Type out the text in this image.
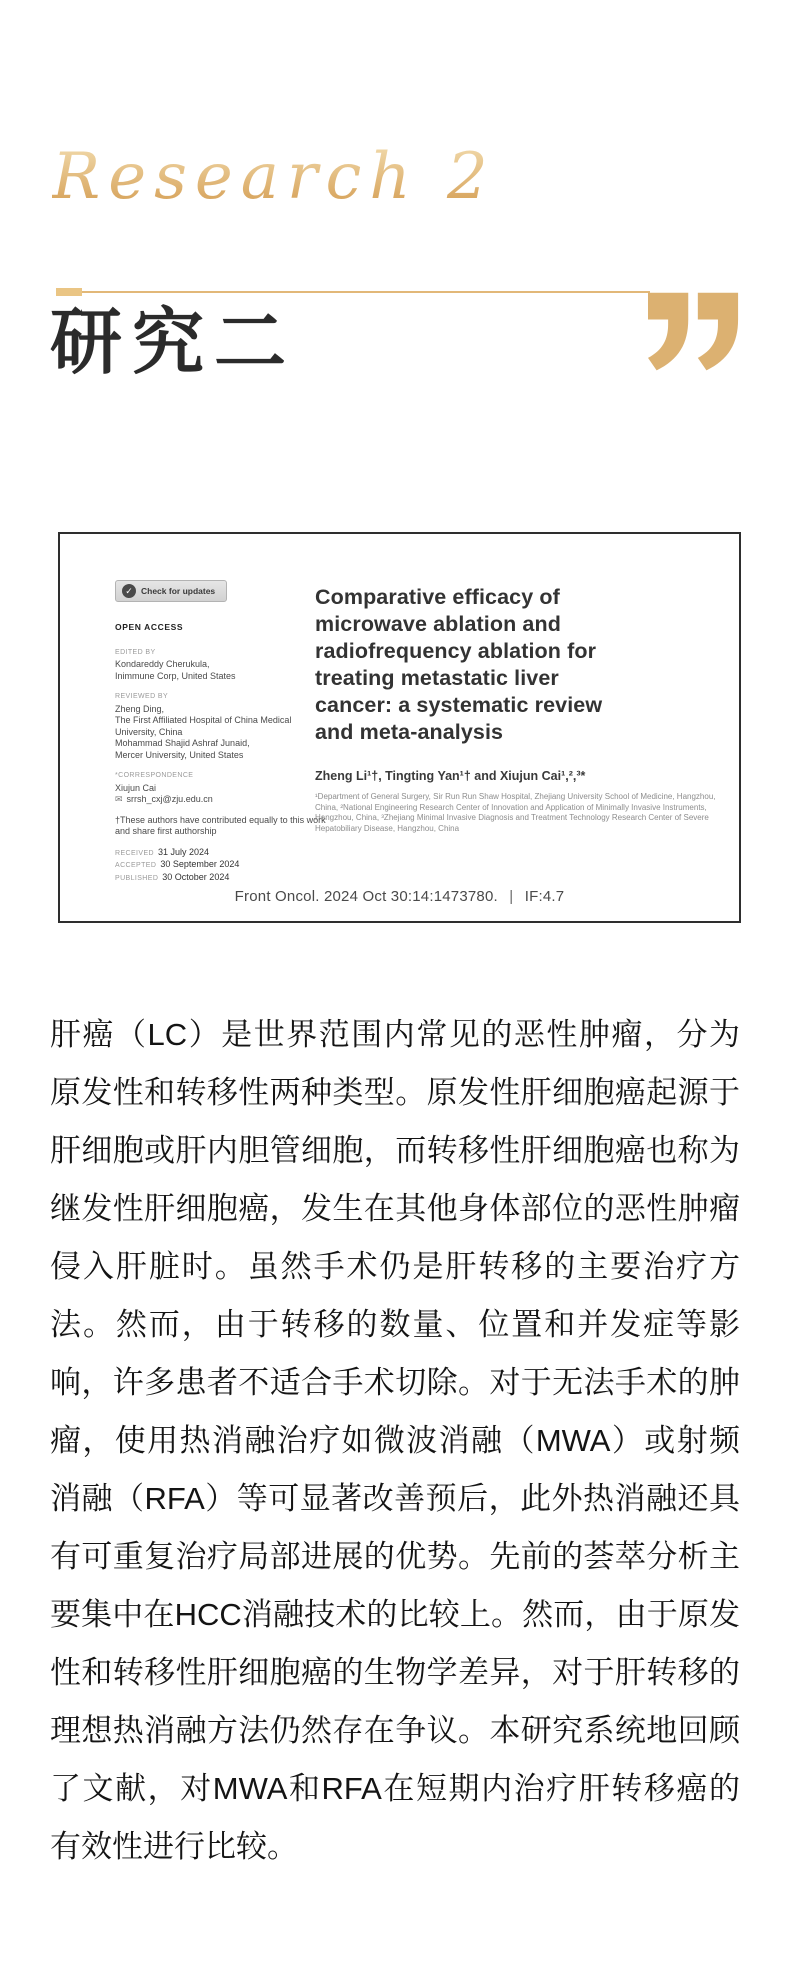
Research 2
研究二
✓ Check for updates
OPEN ACCESS
EDITED BY
Kondareddy Cherukula,
Inimmune Corp, United States
REVIEWED BY
Zheng Ding,
The First Affiliated Hospital of China Medical University, China
Mohammad Shajid Ashraf Junaid,
Mercer University, United States
*CORRESPONDENCE
Xiujun Cai
✉ srrsh_cxj@zju.edu.cn
†These authors have contributed equally to this work and share first authorship
RECEIVED 31 July 2024
ACCEPTED 30 September 2024
PUBLISHED 30 October 2024
Comparative efficacy of microwave ablation and radiofrequency ablation for treating metastatic liver cancer: a systematic review and meta-analysis
Zheng Li¹†, Tingting Yan¹† and Xiujun Cai¹,²,³*
¹Department of General Surgery, Sir Run Run Shaw Hospital, Zhejiang University School of Medicine, Hangzhou, China, ²National Engineering Research Center of Innovation and Application of Minimally Invasive Instruments, Hangzhou, China, ³Zhejiang Minimal Invasive Diagnosis and Treatment Technology Research Center of Severe Hepatobiliary Disease, Hangzhou, China
Front Oncol. 2024 Oct 30:14:1473780. | IF:4.7

肝癌（LC）是世界范围内常见的恶性肿瘤，分为原发性和转移性两种类型。原发性肝细胞癌起源于肝细胞或肝内胆管细胞，而转移性肝细胞癌也称为继发性肝细胞癌，发生在其他身体部位的恶性肿瘤侵入肝脏时。虽然手术仍是肝转移的主要治疗方法。然而，由于转移的数量、位置和并发症等影响，许多患者不适合手术切除。对于无法手术的肿瘤，使用热消融治疗如微波消融（MWA）或射频消融（RFA）等可显著改善预后，此外热消融还具有可重复治疗局部进展的优势。先前的荟萃分析主要集中在HCC消融技术的比较上。然而，由于原发性和转移性肝细胞癌的生物学差异，对于肝转移的理想热消融方法仍然存在争议。本研究系统地回顾了文献，对MWA和RFA在短期内治疗肝转移癌的有效性进行比较。
